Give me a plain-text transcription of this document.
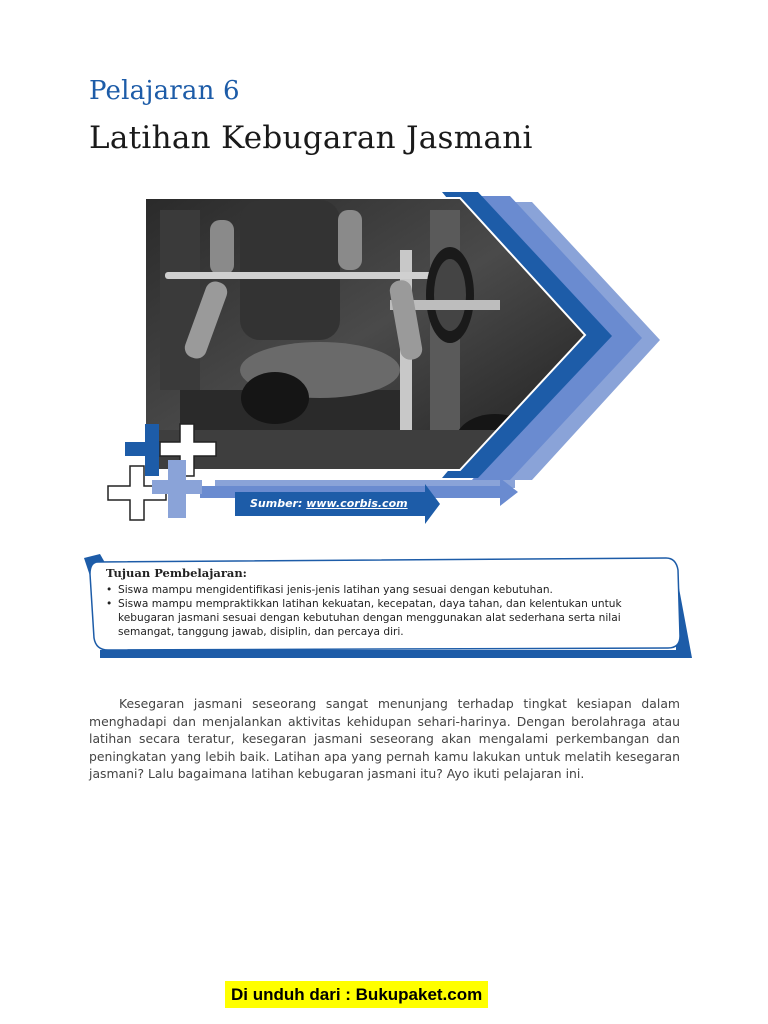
Pelajaran 6
Latihan Kebugaran Jasmani
Sumber: www.corbis.com

Tujuan Pembelajaran:

• Siswa mampu mengidentifikasi jenis-jenis latihan yang sesuai dengan kebutuhan.
• Siswa mampu mempraktikkan latihan kekuatan, kecepatan, daya tahan, dan kelentukan untuk kebugaran jasmani sesuai dengan kebutuhan dengan menggunakan alat sederhana serta nilai semangat, tanggung jawab, disiplin, dan percaya diri.

Kesegaran jasmani seseorang sangat menunjang terhadap tingkat kesiapan dalam menghadapi dan menjalankan aktivitas kehidupan sehari-harinya. Dengan berolahraga atau latihan secara teratur, kesegaran jasmani seseorang akan mengalami perkembangan dan peningkatan yang lebih baik. Latihan apa yang pernah kamu lakukan untuk melatih kesegaran jasmani? Lalu bagaimana latihan kebugaran jasmani itu? Ayo ikuti pelajaran ini.

Di unduh dari : Bukupaket.com
